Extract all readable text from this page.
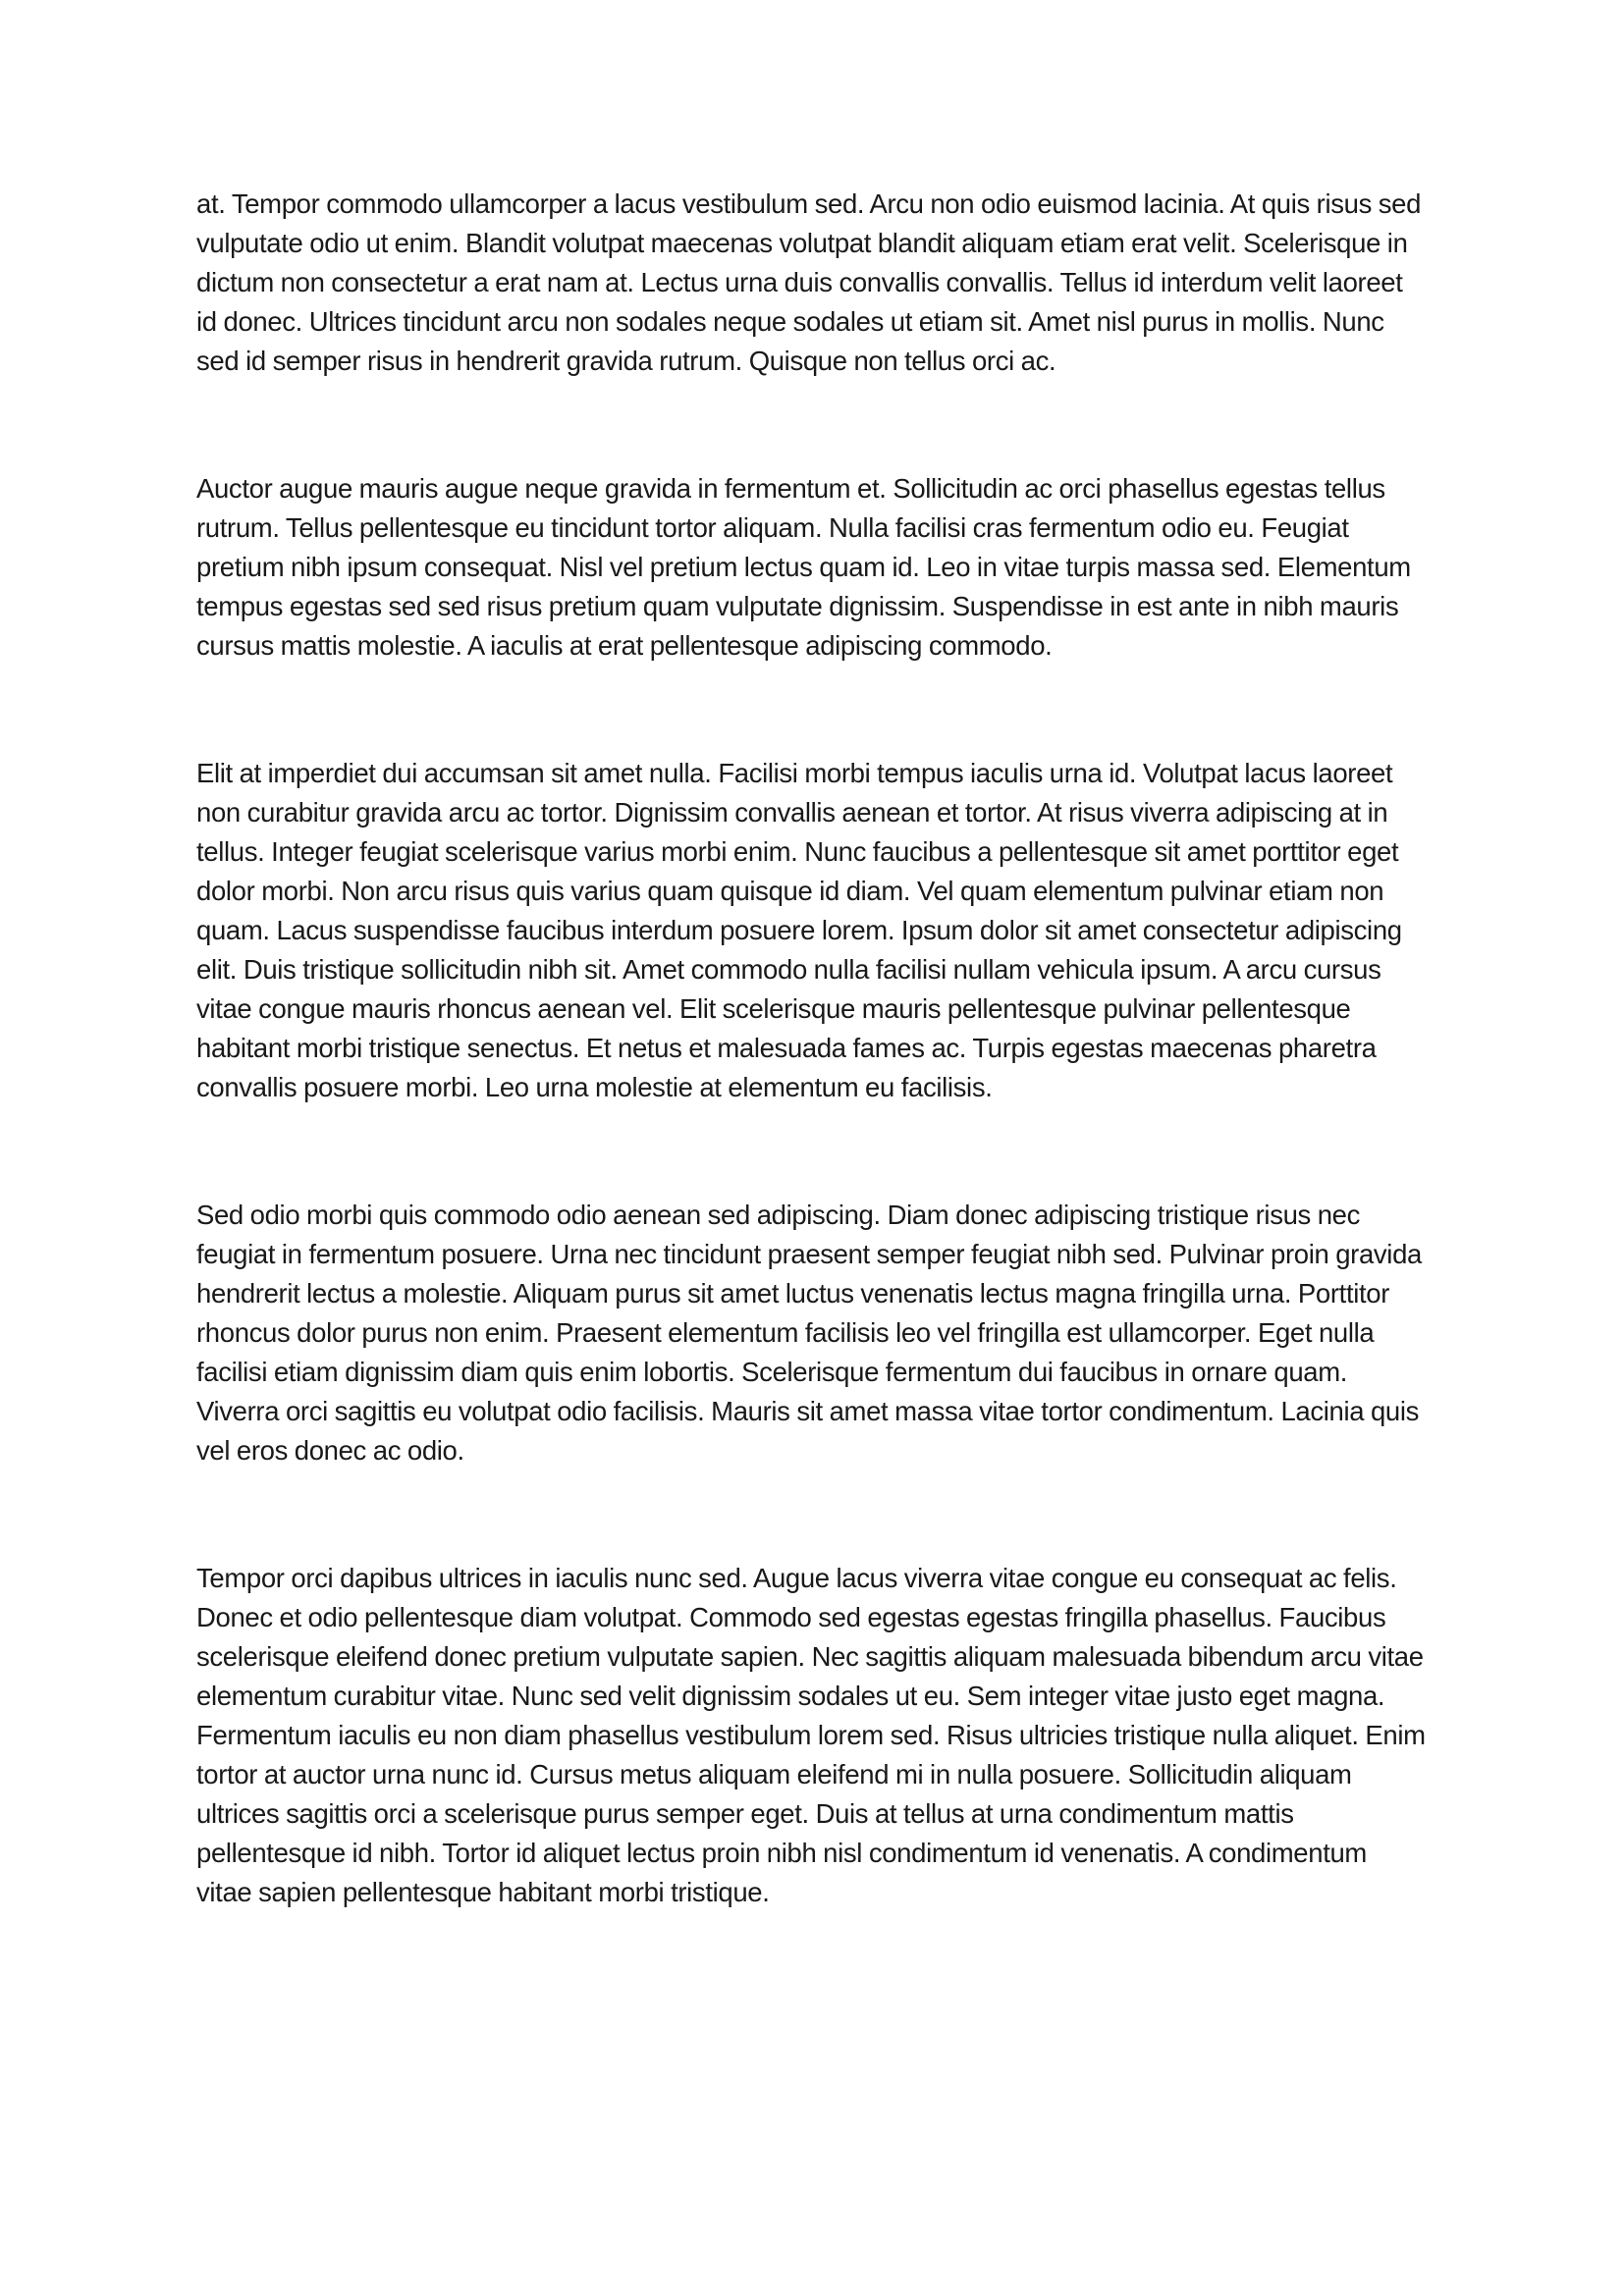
at. Tempor commodo ullamcorper a lacus vestibulum sed. Arcu non odio euismod lacinia. At quis risus sed vulputate odio ut enim. Blandit volutpat maecenas volutpat blandit aliquam etiam erat velit. Scelerisque in dictum non consectetur a erat nam at. Lectus urna duis convallis convallis. Tellus id interdum velit laoreet id donec. Ultrices tincidunt arcu non sodales neque sodales ut etiam sit. Amet nisl purus in mollis. Nunc sed id semper risus in hendrerit gravida rutrum. Quisque non tellus orci ac.

Auctor augue mauris augue neque gravida in fermentum et. Sollicitudin ac orci phasellus egestas tellus rutrum. Tellus pellentesque eu tincidunt tortor aliquam. Nulla facilisi cras fermentum odio eu. Feugiat pretium nibh ipsum consequat. Nisl vel pretium lectus quam id. Leo in vitae turpis massa sed. Elementum tempus egestas sed sed risus pretium quam vulputate dignissim. Suspendisse in est ante in nibh mauris cursus mattis molestie. A iaculis at erat pellentesque adipiscing commodo.

Elit at imperdiet dui accumsan sit amet nulla. Facilisi morbi tempus iaculis urna id. Volutpat lacus laoreet non curabitur gravida arcu ac tortor. Dignissim convallis aenean et tortor. At risus viverra adipiscing at in tellus. Integer feugiat scelerisque varius morbi enim. Nunc faucibus a pellentesque sit amet porttitor eget dolor morbi. Non arcu risus quis varius quam quisque id diam. Vel quam elementum pulvinar etiam non quam. Lacus suspendisse faucibus interdum posuere lorem. Ipsum dolor sit amet consectetur adipiscing elit. Duis tristique sollicitudin nibh sit. Amet commodo nulla facilisi nullam vehicula ipsum. A arcu cursus vitae congue mauris rhoncus aenean vel. Elit scelerisque mauris pellentesque pulvinar pellentesque habitant morbi tristique senectus. Et netus et malesuada fames ac. Turpis egestas maecenas pharetra convallis posuere morbi. Leo urna molestie at elementum eu facilisis.

Sed odio morbi quis commodo odio aenean sed adipiscing. Diam donec adipiscing tristique risus nec feugiat in fermentum posuere. Urna nec tincidunt praesent semper feugiat nibh sed. Pulvinar proin gravida hendrerit lectus a molestie. Aliquam purus sit amet luctus venenatis lectus magna fringilla urna. Porttitor rhoncus dolor purus non enim. Praesent elementum facilisis leo vel fringilla est ullamcorper. Eget nulla facilisi etiam dignissim diam quis enim lobortis. Scelerisque fermentum dui faucibus in ornare quam. Viverra orci sagittis eu volutpat odio facilisis. Mauris sit amet massa vitae tortor condimentum. Lacinia quis vel eros donec ac odio.

Tempor orci dapibus ultrices in iaculis nunc sed. Augue lacus viverra vitae congue eu consequat ac felis. Donec et odio pellentesque diam volutpat. Commodo sed egestas egestas fringilla phasellus. Faucibus scelerisque eleifend donec pretium vulputate sapien. Nec sagittis aliquam malesuada bibendum arcu vitae elementum curabitur vitae. Nunc sed velit dignissim sodales ut eu. Sem integer vitae justo eget magna. Fermentum iaculis eu non diam phasellus vestibulum lorem sed. Risus ultricies tristique nulla aliquet. Enim tortor at auctor urna nunc id. Cursus metus aliquam eleifend mi in nulla posuere. Sollicitudin aliquam ultrices sagittis orci a scelerisque purus semper eget. Duis at tellus at urna condimentum mattis pellentesque id nibh. Tortor id aliquet lectus proin nibh nisl condimentum id venenatis. A condimentum vitae sapien pellentesque habitant morbi tristique.
